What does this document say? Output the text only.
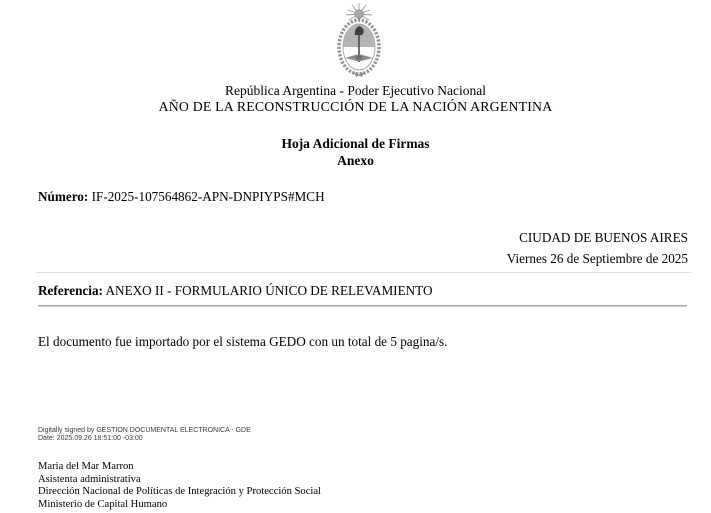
República Argentina - Poder Ejecutivo Nacional
AÑO DE LA RECONSTRUCCIÓN DE LA NACIÓN ARGENTINA
Hoja Adicional de Firmas
Anexo
Número: IF-2025-107564862-APN-DNPIYPS#MCH
CIUDAD DE BUENOS AIRES
Viernes 26 de Septiembre de 2025
Referencia: ANEXO II - FORMULARIO ÚNICO DE RELEVAMIENTO
El documento fue importado por el sistema GEDO con un total de 5 pagina/s.
Digitally signed by GESTION DOCUMENTAL ELECTRONICA - GDE
Date: 2025.09.26 18:51:00 -03:00
Maria del Mar Marron
Asistenta administrativa
Dirección Nacional de Políticas de Integración y Protección Social
Ministerio de Capital Humano
